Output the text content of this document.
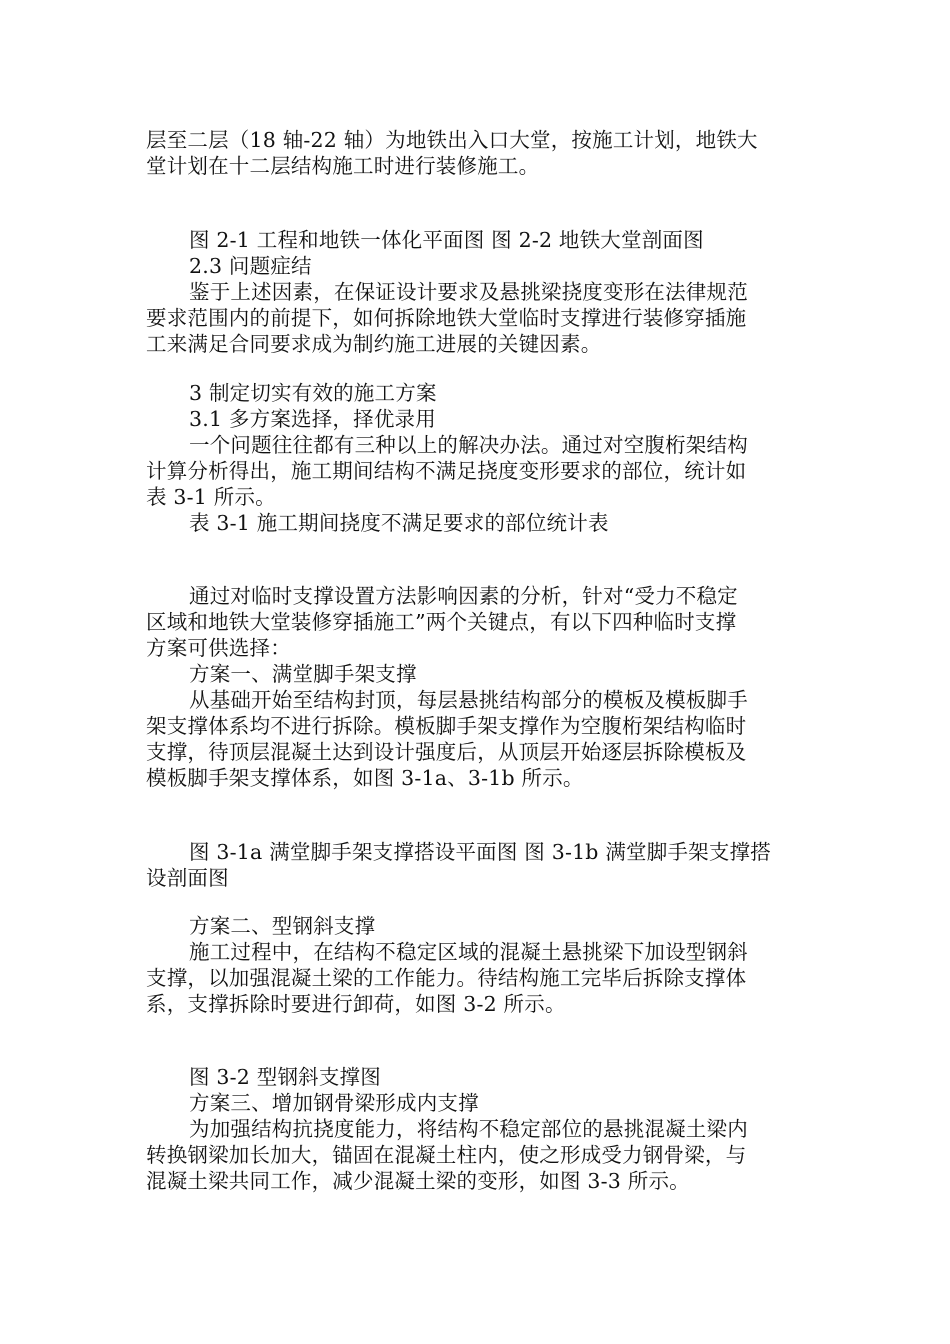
层至二层（18 轴-22 轴）为地铁出入口大堂，按施工计划，地铁大
堂计划在十二层结构施工时进行装修施工。
图 2-1 工程和地铁一体化平面图 图 2-2 地铁大堂剖面图
2.3 问题症结
鉴于上述因素，在保证设计要求及悬挑梁挠度变形在法律规范
要求范围内的前提下，如何拆除地铁大堂临时支撑进行装修穿插施
工来满足合同要求成为制约施工进展的关键因素。
3 制定切实有效的施工方案
3.1 多方案选择，择优录用
一个问题往往都有三种以上的解决办法。通过对空腹桁架结构
计算分析得出，施工期间结构不满足挠度变形要求的部位，统计如
表 3-1 所示。
表 3-1 施工期间挠度不满足要求的部位统计表
通过对临时支撑设置方法影响因素的分析，针对“受力不稳定
区域和地铁大堂装修穿插施工”两个关键点，有以下四种临时支撑
方案可供选择：
方案一、满堂脚手架支撑
从基础开始至结构封顶，每层悬挑结构部分的模板及模板脚手
架支撑体系均不进行拆除。模板脚手架支撑作为空腹桁架结构临时
支撑，待顶层混凝土达到设计强度后，从顶层开始逐层拆除模板及
模板脚手架支撑体系，如图 3-1a、3-1b 所示。
图 3-1a 满堂脚手架支撑搭设平面图 图 3-1b 满堂脚手架支撑搭
设剖面图
方案二、型钢斜支撑
施工过程中，在结构不稳定区域的混凝土悬挑梁下加设型钢斜
支撑，以加强混凝土梁的工作能力。待结构施工完毕后拆除支撑体
系，支撑拆除时要进行卸荷，如图 3-2 所示。
图 3-2 型钢斜支撑图
方案三、增加钢骨梁形成内支撑
为加强结构抗挠度能力，将结构不稳定部位的悬挑混凝土梁内
转换钢梁加长加大，锚固在混凝土柱内，使之形成受力钢骨梁，与
混凝土梁共同工作，减少混凝土梁的变形，如图 3-3 所示。
